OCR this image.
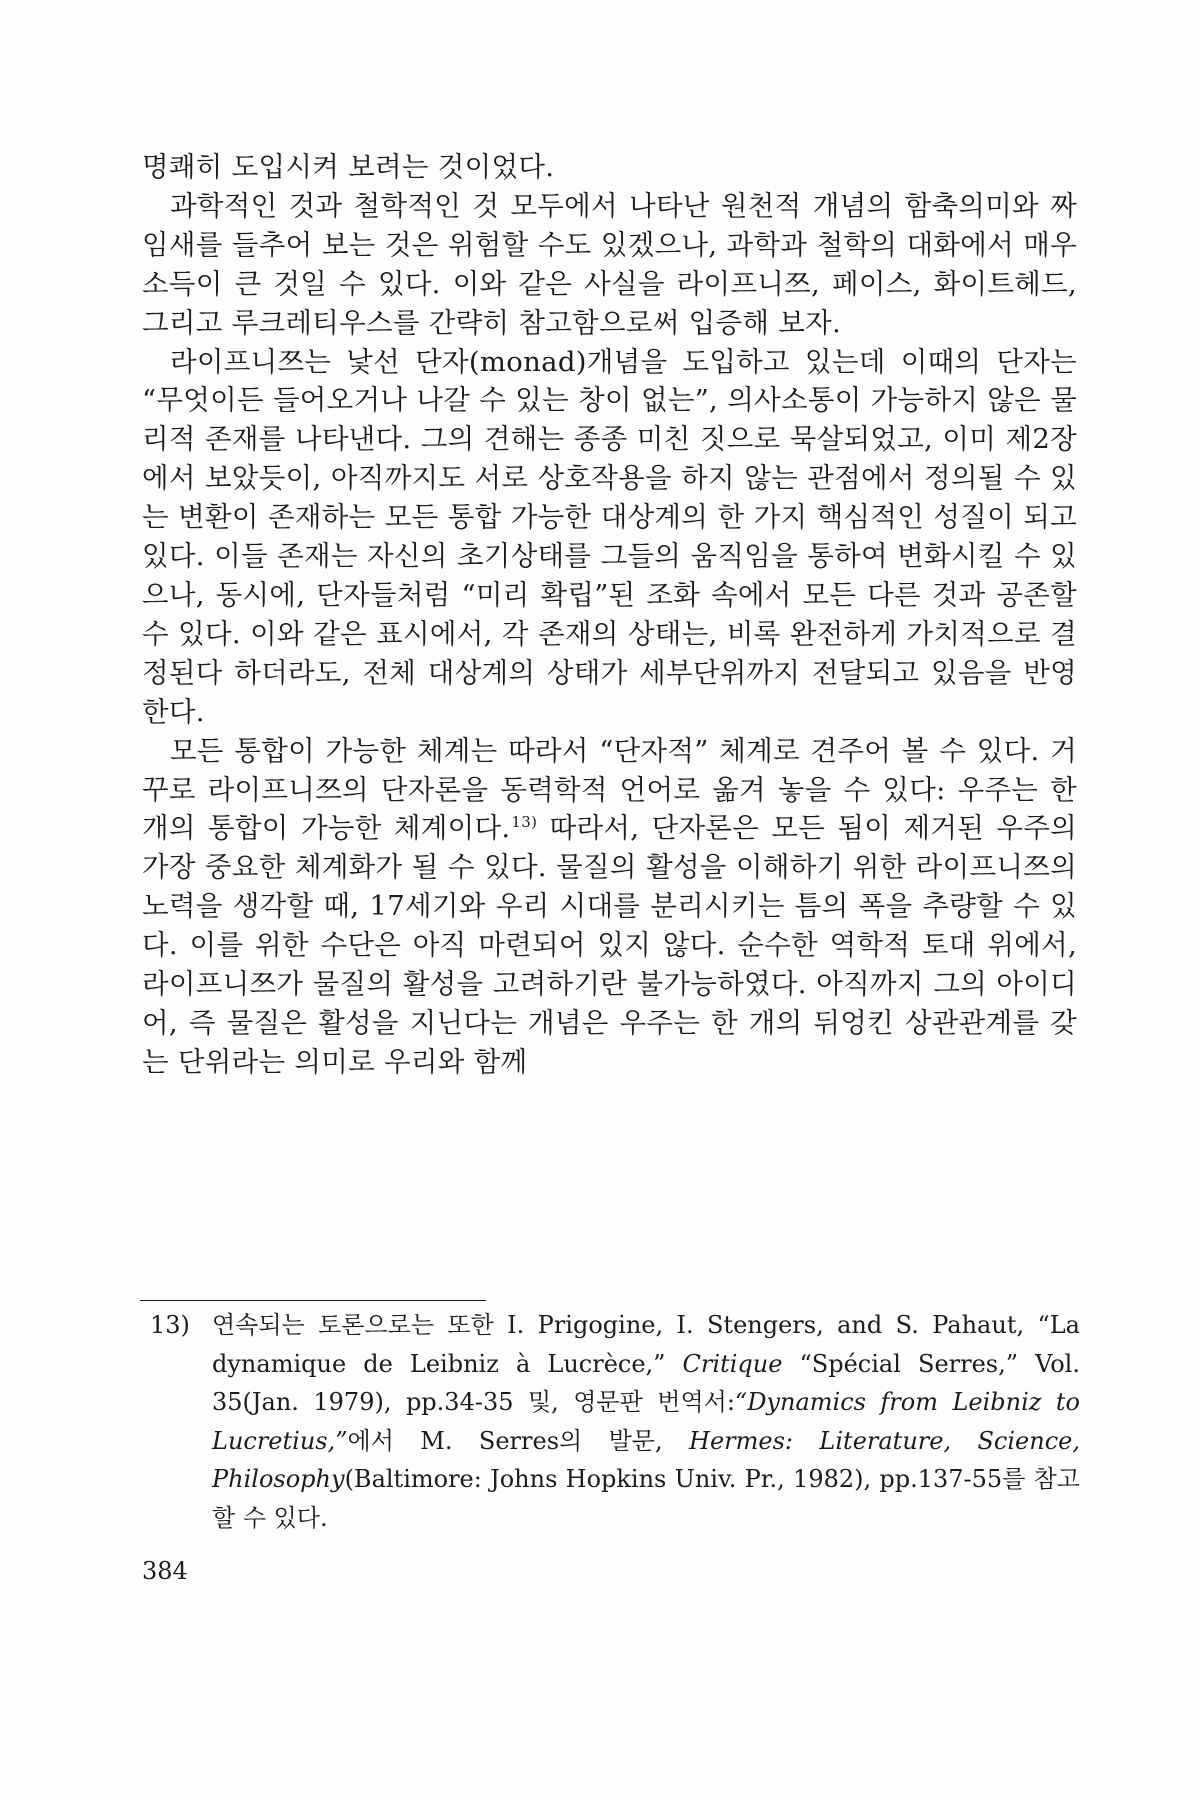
명쾌히 도입시켜 보려는 것이었다.

과학적인 것과 철학적인 것 모두에서 나타난 원천적 개념의 함축의미와 짜임새를 들추어 보는 것은 위험할 수도 있겠으나, 과학과 철학의 대화에서 매우 소득이 큰 것일 수 있다. 이와 같은 사실을 라이프니쯔, 페이스, 화이트헤드, 그리고 루크레티우스를 간략히 참고함으로써 입증해 보자.

라이프니쯔는 낯선 단자(monad)개념을 도입하고 있는데 이때의 단자는 “무엇이든 들어오거나 나갈 수 있는 창이 없는”, 의사소통이 가능하지 않은 물리적 존재를 나타낸다. 그의 견해는 종종 미친 짓으로 묵살되었고, 이미 제2장에서 보았듯이, 아직까지도 서로 상호작용을 하지 않는 관점에서 정의될 수 있는 변환이 존재하는 모든 통합 가능한 대상계의 한 가지 핵심적인 성질이 되고 있다. 이들 존재는 자신의 초기상태를 그들의 움직임을 통하여 변화시킬 수 있으나, 동시에, 단자들처럼 “미리 확립”된 조화 속에서 모든 다른 것과 공존할 수 있다. 이와 같은 표시에서, 각 존재의 상태는, 비록 완전하게 가치적으로 결정된다 하더라도, 전체 대상계의 상태가 세부단위까지 전달되고 있음을 반영한다.

모든 통합이 가능한 체계는 따라서 “단자적” 체계로 견주어 볼 수 있다. 거꾸로 라이프니쯔의 단자론을 동력학적 언어로 옮겨 놓을 수 있다: 우주는 한 개의 통합이 가능한 체계이다.$^{13)}$ 따라서, 단자론은 모든 됨이 제거된 우주의 가장 중요한 체계화가 될 수 있다. 물질의 활성을 이해하기 위한 라이프니쯔의 노력을 생각할 때, 17세기와 우리 시대를 분리시키는 틈의 폭을 추량할 수 있다. 이를 위한 수단은 아직 마련되어 있지 않다. 순수한 역학적 토대 위에서, 라이프니쯔가 물질의 활성을 고려하기란 불가능하였다. 아직까지 그의 아이디어, 즉 물질은 활성을 지닌다는 개념은 우주는 한 개의 뒤엉킨 상관관계를 갖는 단위라는 의미로 우리와 함께

13) 연속되는 토론으로는 또한 I. Prigogine, I. Stengers, and S. Pahaut, “La dynamique de Leibniz à Lucrèce,” Critique “Spécial Serres,” Vol. 35(Jan. 1979), pp.34-35 및, 영문판 번역서:“Dynamics from Leibniz to Lucretius,”에서 M. Serres의 발문, Hermes: Literature, Science, Philosophy(Baltimore: Johns Hopkins Univ. Pr., 1982), pp.137-55를 참고할 수 있다.
384
